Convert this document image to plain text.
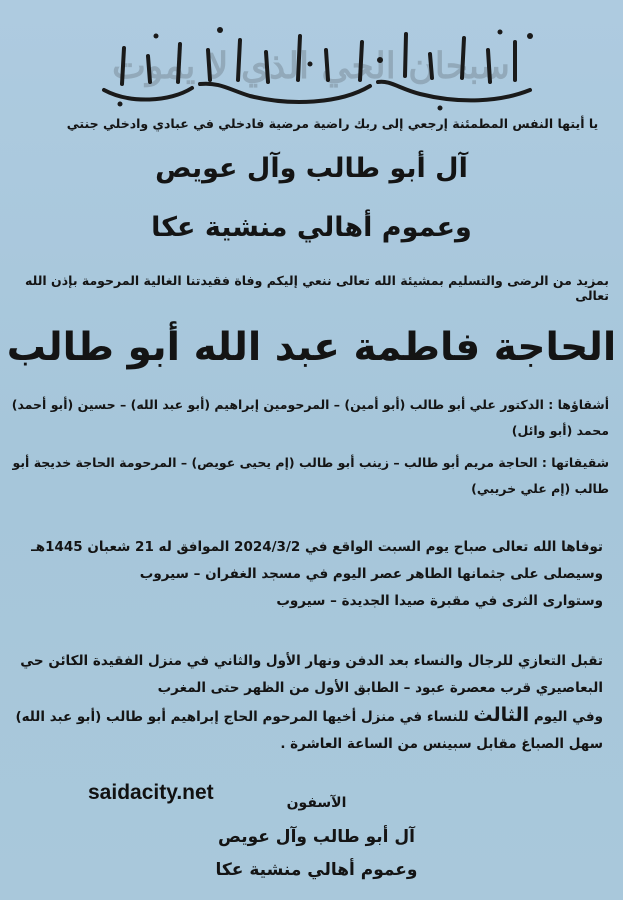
سبحان الحي الذي لا يموت
يا أيتها النفس المطمئنة إرجعي إلى ربك راضية مرضية فادخلي في عبادي وادخلي جنتي
آل أبو طالب وآل عويص
وعموم أهالي منشية عكا
بمزيد من الرضى والتسليم بمشيئة الله تعالى ننعي إليكم وفاة فقيدتنا الغالية المرحومة بإذن الله تعالى
الحاجة فاطمة عبد الله أبو طالب
أشقاؤها : الدكتور علي أبو طالب (أبو أمين) – المرحومين إبراهيم (أبو عبد الله) – حسين (أبو أحمد)
محمد (أبو وائل)
شقيقاتها : الحاجة مريم أبو طالب – زينب أبو طالب (إم يحيى عويص) – المرحومة الحاجة خديجة أبو
طالب (إم علي خريبي)
توفاها الله تعالى صباح يوم السبت الواقع في 2024/3/2 الموافق له 21 شعبان 1445هـ
وسيصلى على جثمانها الطاهر عصر اليوم في مسجد الغفران – سيروب
وستوارى الثرى في مقبرة صيدا الجديدة – سيروب
تقبل التعازي للرجال والنساء بعد الدفن ونهار الأول والثاني في منزل الفقيدة الكائن حي
البعاصيري قرب معصرة عبود – الطابق الأول من الظهر حتى المغرب
وفي اليوم الثالث للنساء في منزل أخيها المرحوم الحاج إبراهيم أبو طالب (أبو عبد الله)
سهل الصباغ مقابل سبينس من الساعة العاشرة .
saidacity.net	الآسفون
آل أبو طالب وآل عويص
وعموم أهالي منشية عكا
